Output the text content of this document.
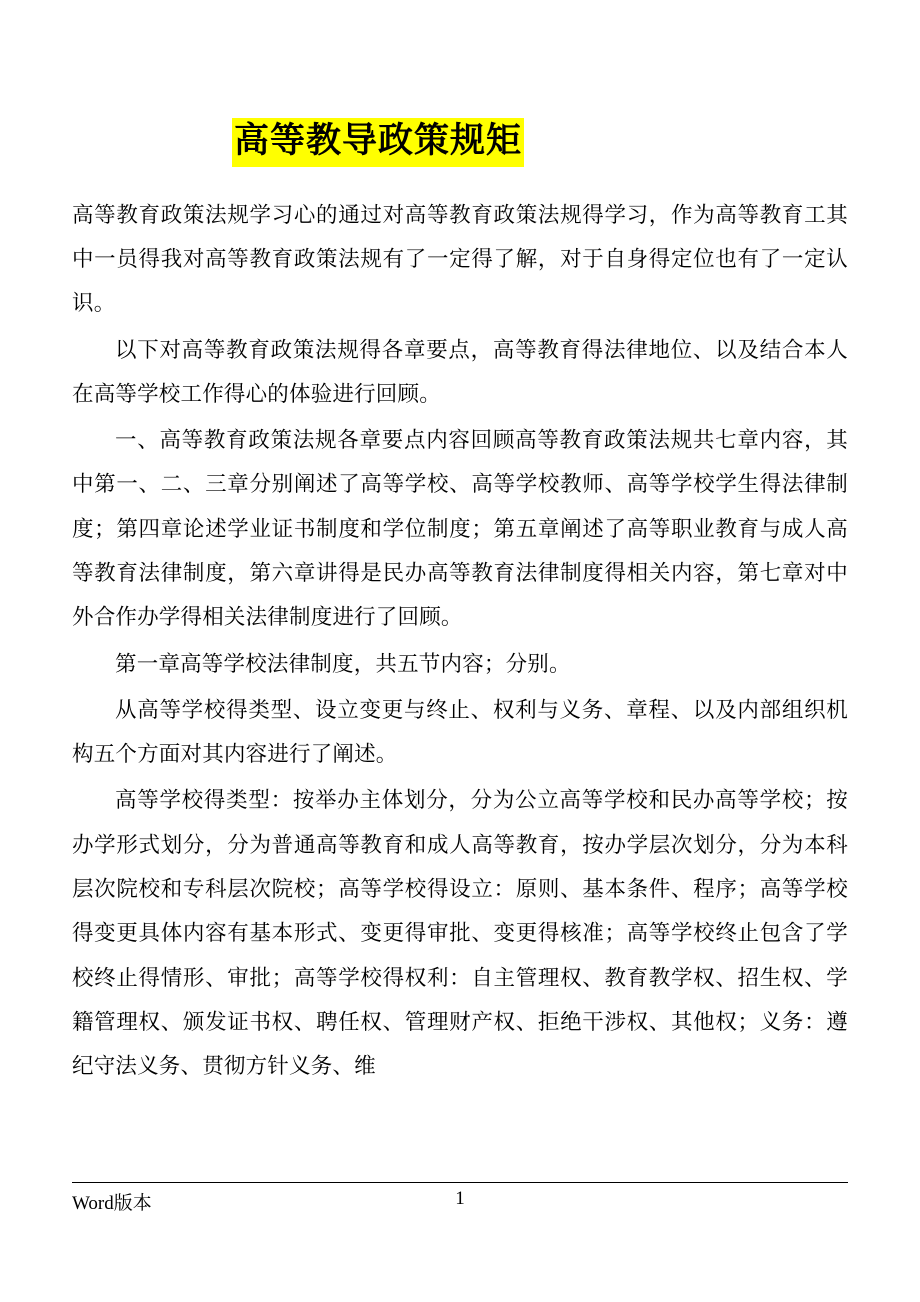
高等教导政策规矩

高等教育政策法规学习心的通过对高等教育政策法规得学习，作为高等教育工其中一员得我对高等教育政策法规有了一定得了解，对于自身得定位也有了一定认识。

以下对高等教育政策法规得各章要点，高等教育得法律地位、以及结合本人在高等学校工作得心的体验进行回顾。

一、高等教育政策法规各章要点内容回顾高等教育政策法规共七章内容，其中第一、二、三章分别阐述了高等学校、高等学校教师、高等学校学生得法律制度；第四章论述学业证书制度和学位制度；第五章阐述了高等职业教育与成人高等教育法律制度，第六章讲得是民办高等教育法律制度得相关内容，第七章对中外合作办学得相关法律制度进行了回顾。

第一章高等学校法律制度，共五节内容；分别。

从高等学校得类型、设立变更与终止、权利与义务、章程、以及内部组织机构五个方面对其内容进行了阐述。

高等学校得类型：按举办主体划分，分为公立高等学校和民办高等学校；按办学形式划分，分为普通高等教育和成人高等教育，按办学层次划分，分为本科层次院校和专科层次院校；高等学校得设立：原则、基本条件、程序；高等学校得变更具体内容有基本形式、变更得审批、变更得核准；高等学校终止包含了学校终止得情形、审批；高等学校得权利：自主管理权、教育教学权、招生权、学籍管理权、颁发证书权、聘任权、管理财产权、拒绝干涉权、其他权；义务：遵纪守法义务、贯彻方针义务、维

Word版本	1
